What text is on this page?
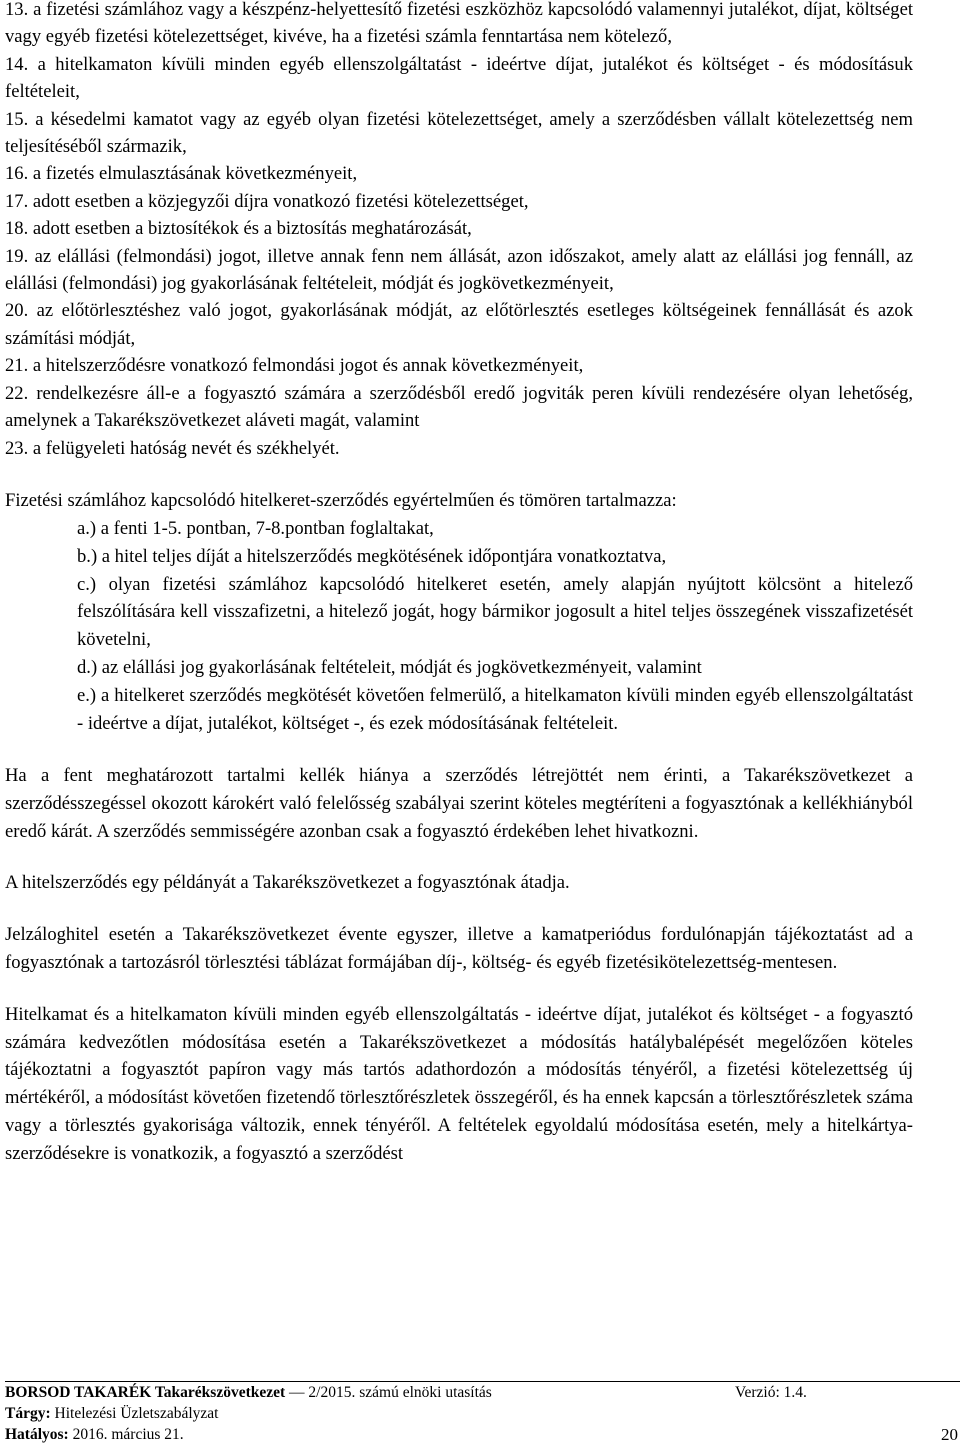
13. a fizetési számlához vagy a készpénz-helyettesítő fizetési eszközhöz kapcsolódó valamennyi jutalékot, díjat, költséget vagy egyéb fizetési kötelezettséget, kivéve, ha a fizetési számla fenntartása nem kötelező,

14. a hitelkamaton kívüli minden egyéb ellenszolgáltatást - ideértve díjat, jutalékot és költséget - és módosításuk feltételeit,

15. a késedelmi kamatot vagy az egyéb olyan fizetési kötelezettséget, amely a szerződésben vállalt kötelezettség nem teljesítéséből származik,

16. a fizetés elmulasztásának következményeit,

17. adott esetben a közjegyzői díjra vonatkozó fizetési kötelezettséget,

18. adott esetben a biztosítékok és a biztosítás meghatározását,

19. az elállási (felmondási) jogot, illetve annak fenn nem állását, azon időszakot, amely alatt az elállási jog fennáll, az elállási (felmondási) jog gyakorlásának feltételeit, módját és jogkövetkezményeit,

20. az előtörlesztéshez való jogot, gyakorlásának módját, az előtörlesztés esetleges költségeinek fennállását és azok számítási módját,

21. a hitelszerződésre vonatkozó felmondási jogot és annak következményeit,

22. rendelkezésre áll-e a fogyasztó számára a szerződésből eredő jogviták peren kívüli rendezésére olyan lehetőség, amelynek a Takarékszövetkezet aláveti magát, valamint

23. a felügyeleti hatóság nevét és székhelyét.

Fizetési számlához kapcsolódó hitelkeret-szerződés egyértelműen és tömören tartalmazza:

a.) a fenti 1-5. pontban, 7-8.pontban foglaltakat,

b.) a hitel teljes díját a hitelszerződés megkötésének időpontjára vonatkoztatva,

c.) olyan fizetési számlához kapcsolódó hitelkeret esetén, amely alapján nyújtott kölcsönt a hitelező felszólítására kell visszafizetni, a hitelező jogát, hogy bármikor jogosult a hitel teljes összegének visszafizetését követelni,

d.) az elállási jog gyakorlásának feltételeit, módját és jogkövetkezményeit, valamint

e.) a hitelkeret szerződés megkötését követően felmerülő, a hitelkamaton kívüli minden egyéb ellenszolgáltatást - ideértve a díjat, jutalékot, költséget -, és ezek módosításának feltételeit.

Ha a fent meghatározott tartalmi kellék hiánya a szerződés létrejöttét nem érinti, a Takarékszövetkezet a szerződésszegéssel okozott károkért való felelősség szabályai szerint köteles megtéríteni a fogyasztónak a kellékhiányból eredő kárát. A szerződés semmisségére azonban csak a fogyasztó érdekében lehet hivatkozni.

A hitelszerződés egy példányát a Takarékszövetkezet a fogyasztónak átadja.

Jelzáloghitel esetén a Takarékszövetkezet évente egyszer, illetve a kamatperiódus fordulónapján tájékoztatást ad a fogyasztónak a tartozásról törlesztési táblázat formájában díj-, költség- és egyéb fizetésikötelezettség-mentesen.

Hitelkamat és a hitelkamaton kívüli minden egyéb ellenszolgáltatás - ideértve díjat, jutalékot és költséget - a fogyasztó számára kedvezőtlen módosítása esetén a Takarékszövetkezet a módosítás hatálybalépését megelőzően köteles tájékoztatni a fogyasztót papíron vagy más tartós adathordozón a módosítás tényéről, a fizetési kötelezettség új mértékéről, a módosítást követően fizetendő törlesztőrészletek összegéről, és ha ennek kapcsán a törlesztőrészletek száma vagy a törlesztés gyakorisága változik, ennek tényéről. A feltételek egyoldalú módosítása esetén, mely a hitelkártya-szerződésekre is vonatkozik, a fogyasztó a szerződést

BORSOD TAKARÉK Takarékszövetkezet — 2/2015. számú elnöki utasítás	Verzió: 1.4.
Tárgy: Hitelezési Üzletszabályzat
Hatályos: 2016. március 21.	20
